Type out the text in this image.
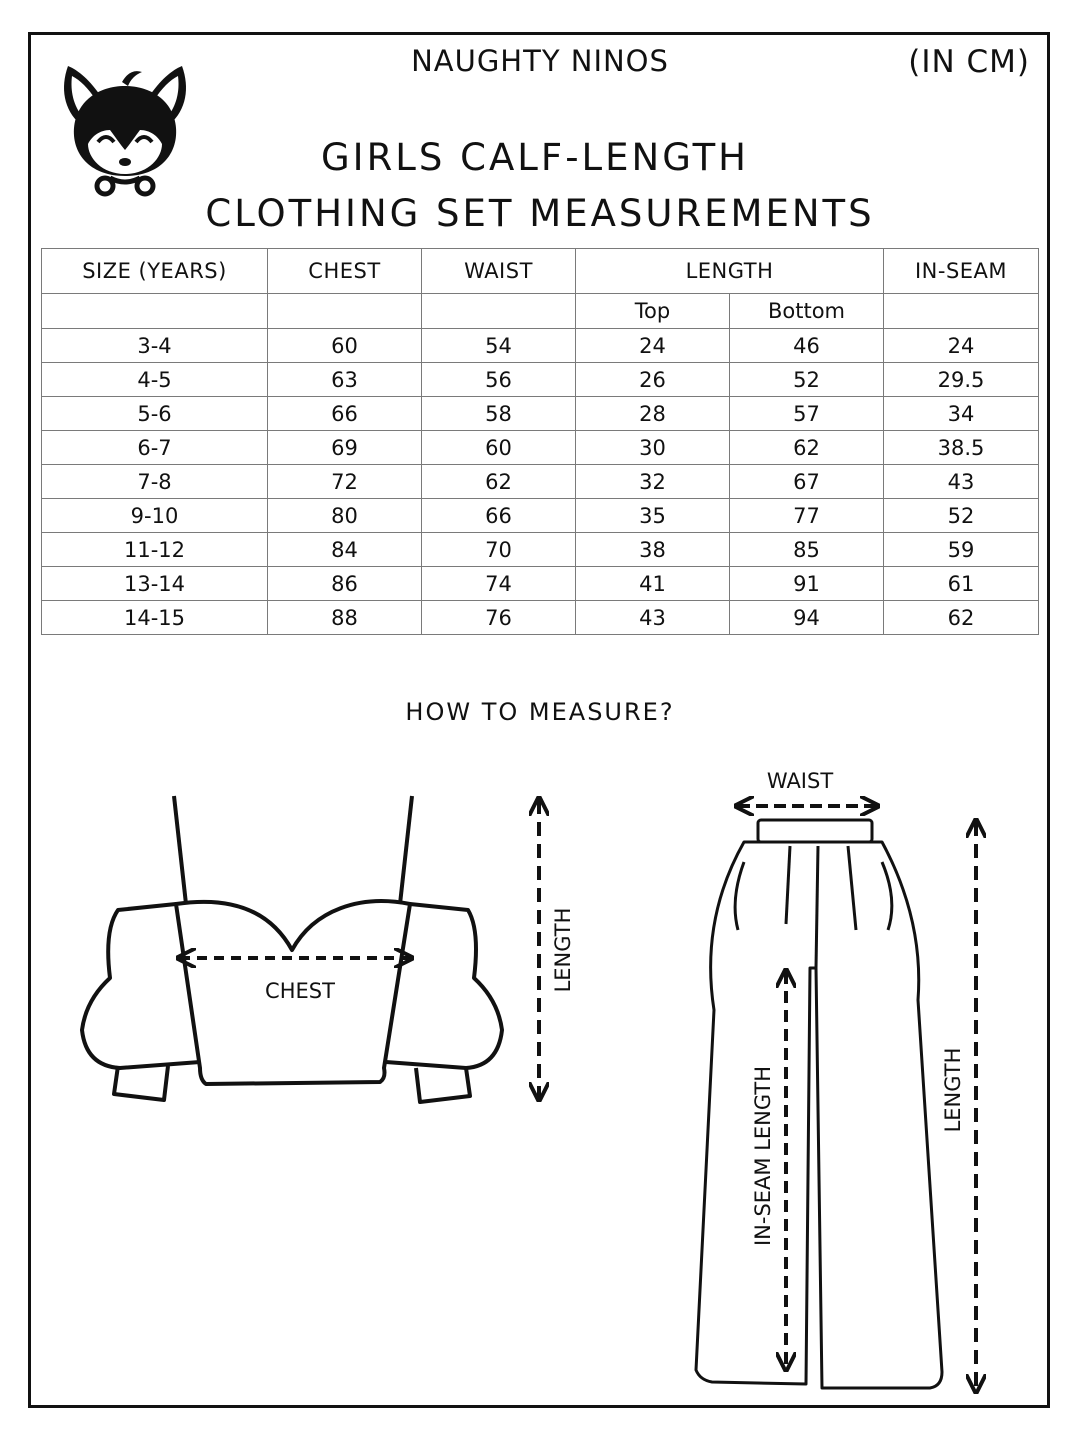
NAUGHTY NINOS	(IN CM)
GIRLS CALF-LENGTH
CLOTHING SET MEASUREMENTS
SIZE (YEARS)	CHEST	WAIST	LENGTH		IN-SEAM
			Top	Bottom	
3-4	60	54	24	46	24
4-5	63	56	26	52	29.5
5-6	66	58	28	57	34
6-7	69	60	30	62	38.5
7-8	72	62	32	67	43
9-10	80	66	35	77	52
11-12	84	70	38	85	59
13-14	86	74	41	91	61
14-15	88	76	43	94	62
HOW TO MEASURE?
CHEST	LENGTH
WAIST
IN-SEAM LENGTH	LENGTH
